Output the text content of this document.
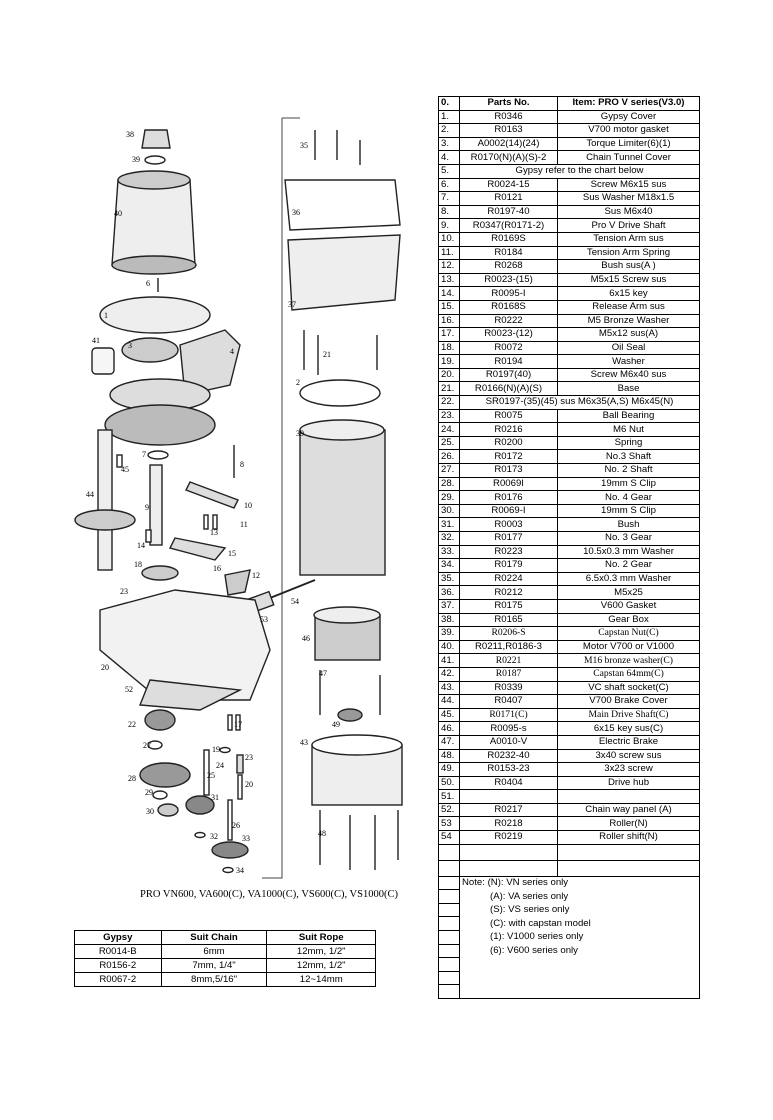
38
39
40
6
1
41
3
4
7
45
44
8
9	10
11
13
14
15
16
18
12
23
54
53
20
52
22	17
27	19
24
23
28	25
20
29
31
30
26
32	33
34
35
36
37
21
2
39
46
47
49
43
48
PRO VN600, VA600(C), VA1000(C), VS600(C), VS1000(C)
0.	Parts No.	Item: PRO V series(V3.0)
1.	R0346	Gypsy Cover
2.	R0163	V700 motor gasket
3.	A0002(14)(24)	Torque Limiter(6)(1)
4.	R0170(N)(A)(S)-2	Chain Tunnel Cover
5.	Gypsy refer to the chart below	
6.	R0024-15	Screw M6x15 sus
7.	R0121	Sus Washer M18x1.5
8.	R0197-40	Sus M6x40
9.	R0347(R0171-2)	Pro V Drive Shaft
10.	R0169S	Tension Arm sus
11.	R0184	Tension Arm Spring
12.	R0268	Bush sus(A )
13.	R0023-(15)	M5x15 Screw sus
14.	R0095-I	6x15 key
15.	R0168S	Release Arm sus
16.	R0222	M5 Bronze Washer
17.	R0023-(12)	M5x12 sus(A)
18.	R0072	Oil Seal
19.	R0194	Washer
20.	R0197(40)	Screw M6x40 sus
21.	R0166(N)(A)(S)	Base
22.	SR0197-(35)(45) sus M6x35(A,S) M6x45(N)	
23.	R0075	Ball Bearing
24.	R0216	M6 Nut
25.	R0200	Spring
26.	R0172	No.3 Shaft
27.	R0173	No. 2 Shaft
28.	R0069I	19mm S Clip
29.	R0176	No. 4 Gear
30.	R0069-I	19mm S Clip
31.	R0003	Bush
32.	R0177	No. 3 Gear
33.	R0223	10.5x0.3 mm Washer
34.	R0179	No. 2 Gear
35.	R0224	6.5x0.3 mm Washer
36.	R0212	M5x25
37.	R0175	V600 Gasket
38.	R0165	Gear Box
39.	R0206-S	Capstan Nut(C)
40.	R0211,R0186-3	Motor V700 or V1000
41.	R0221	M16 bronze washer(C)
42.	R0187	Capstan 64mm(C)
43.	R0339	VC shaft socket(C)
44.	R0407	V700 Brake Cover
45.	R0171(C)	Main Drive Shaft(C)
46.	R0095-s	6x15 key sus(C)
47.	A0010-V	Electric Brake
48.	R0232-40	3x40 screw sus
49.	R0153-23	3x23 screw
50.	R0404	Drive hub
51.		
52.	R0217	Chain way panel (A)
53	R0218	Roller(N)
54	R0219	Roller shift(N)

	Note: (N): VN series only	
	(A): VA series only	
	(S): VS series only	
	(C): with capstan model	
	(1): V1000 series only	
	(6): V600 series only	

Gypsy	Suit Chain	Suit Rope
R0014-B	6mm	12mm, 1/2"
R0156-2	7mm, 1/4"	12mm, 1/2"
R0067-2	8mm,5/16"	12~14mm
